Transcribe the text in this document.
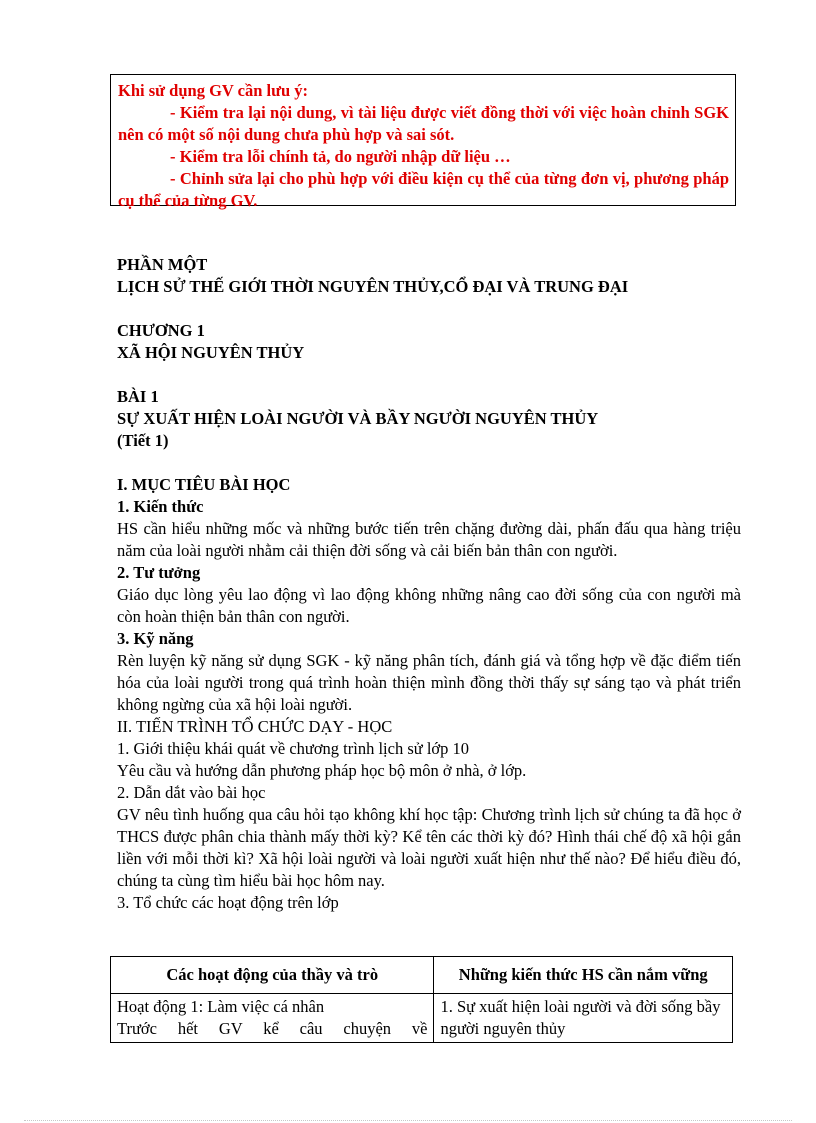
Khi sử dụng GV cần lưu ý:

- Kiểm tra lại nội dung, vì tài liệu được viết đồng thời với việc hoàn chỉnh SGK nên có một số nội dung chưa phù hợp và sai sót.

- Kiểm tra lỗi chính tả, do người nhập dữ liệu …

- Chỉnh sửa lại cho phù hợp với điều kiện cụ thể của từng đơn vị, phương pháp cụ thể của từng GV.

PHẦN MỘT

LỊCH SỬ THẾ GIỚI THỜI NGUYÊN THỦY,CỔ ĐẠI VÀ TRUNG ĐẠI

CHƯƠNG 1

XÃ HỘI NGUYÊN THỦY

BÀI 1

SỰ XUẤT HIỆN LOÀI NGƯỜI VÀ BẦY NGƯỜI NGUYÊN THỦY

(Tiết 1)

I. MỤC TIÊU BÀI HỌC

1. Kiến thức

HS cần hiểu những mốc và những bước tiến trên chặng đường dài, phấn đấu qua hàng triệu năm của loài người nhằm cải thiện đời sống và cải biến bản thân con người.

2. Tư tưởng

Giáo dục lòng yêu lao động vì lao động không những nâng cao đời sống của con người mà còn hoàn thiện bản thân con người.

3. Kỹ năng

Rèn luyện kỹ năng sử dụng SGK - kỹ năng phân tích, đánh giá và tổng hợp về đặc điểm tiến hóa của loài người trong quá trình hoàn thiện mình đồng thời thấy sự sáng tạo và phát triển không ngừng của xã hội loài người.

II. TIẾN TRÌNH TỔ CHỨC DẠY - HỌC

1. Giới thiệu khái quát về chương trình lịch sử lớp 10

Yêu cầu và hướng dẫn phương pháp học bộ môn ở nhà, ở lớp.

2. Dẫn dắt vào bài học

GV nêu tình huống qua câu hỏi tạo không khí học tập: Chương trình lịch sử chúng ta đã học ở THCS được phân chia thành mấy thời kỳ? Kể tên các thời kỳ đó? Hình thái chế độ xã hội gắn liền với mỗi thời kì? Xã hội loài người và loài người xuất hiện như thế nào? Để hiểu điều đó, chúng ta cùng tìm hiểu bài học hôm nay.

3. Tổ chức các hoạt động trên lớp

Các hoạt động của thầy và trò	Những kiến thức HS cần nắm vững

Hoạt động 1: Làm việc cá nhân
Trước hết GV kể câu chuyện về	1. Sự xuất hiện loài người và đời sống bầy người nguyên thủy
